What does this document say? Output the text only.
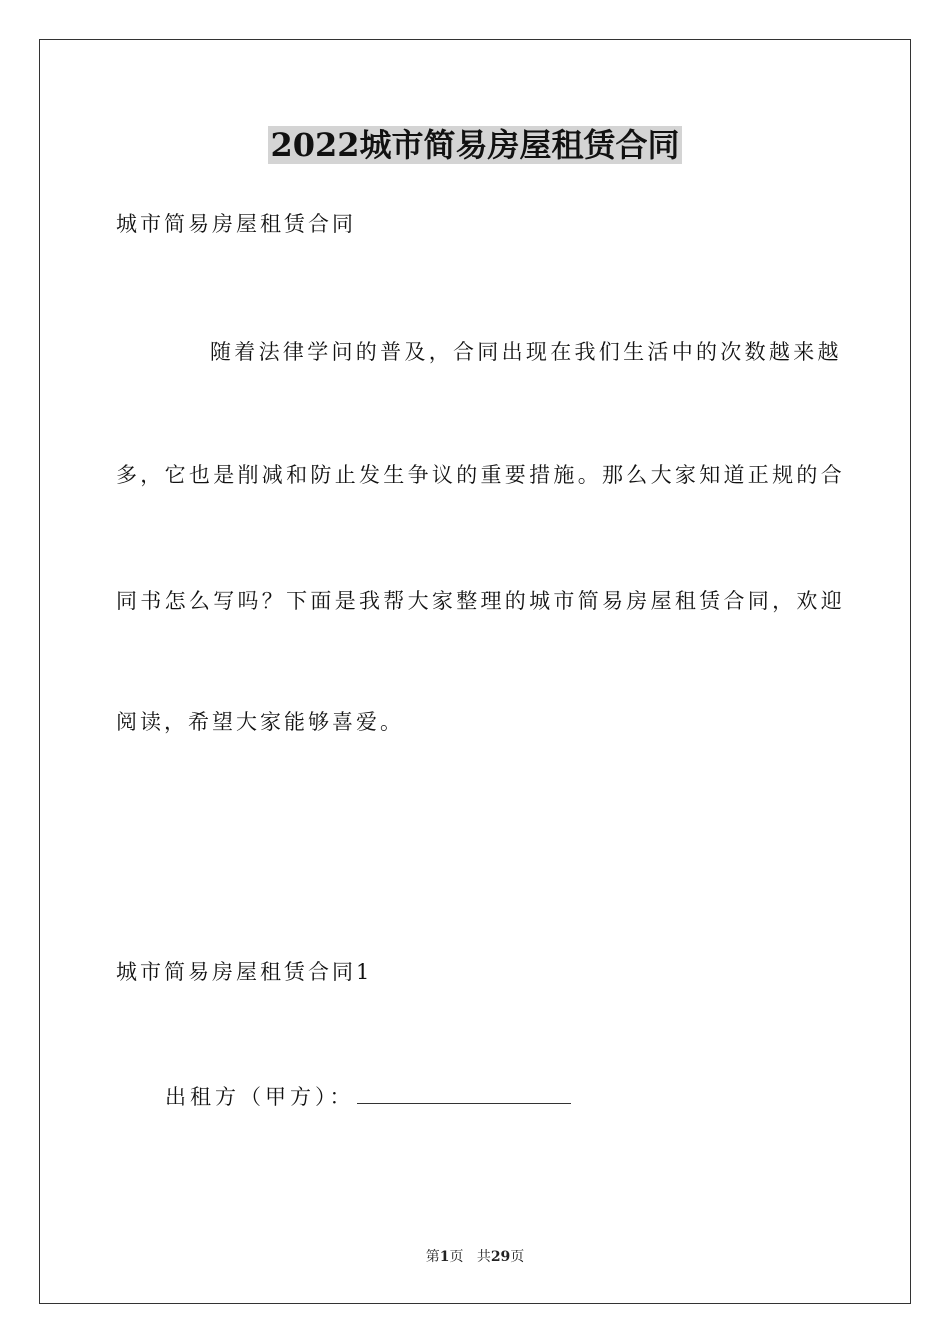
2022城市简易房屋租赁合同
城市简易房屋租赁合同
随着法律学问的普及，合同出现在我们生活中的次数越来越
多，它也是削减和防止发生争议的重要措施。那么大家知道正规的合
同书怎么写吗？下面是我帮大家整理的城市简易房屋租赁合同，欢迎
阅读，希望大家能够喜爱。
城市简易房屋租赁合同1
出租方（甲方）：
第1页 共29页
